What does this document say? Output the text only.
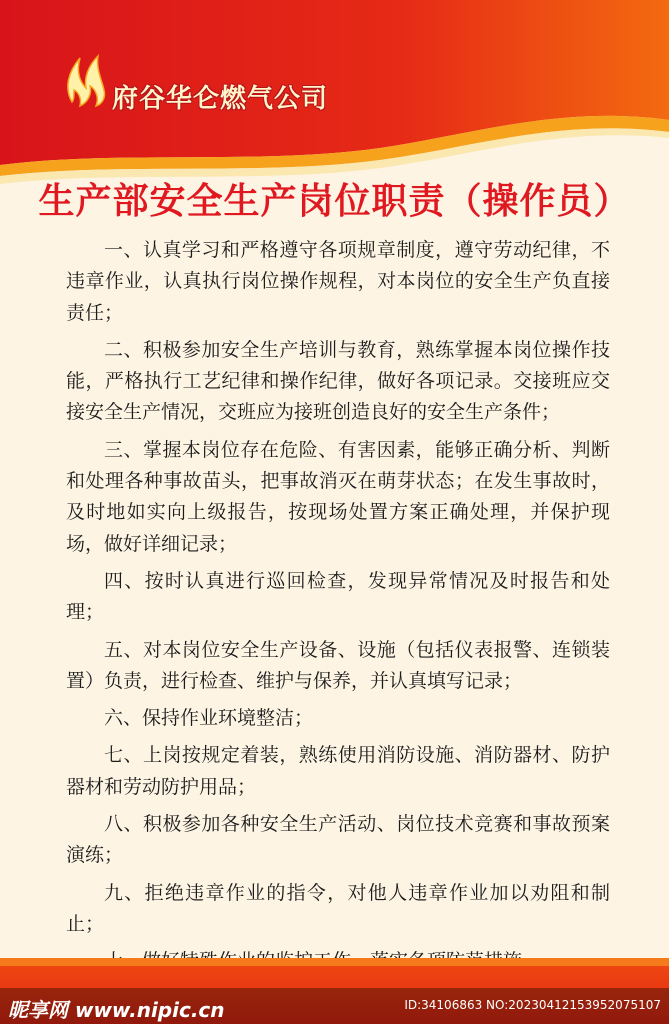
府谷华仑燃气公司
生产部安全生产岗位职责（操作员）

一、认真学习和严格遵守各项规章制度，遵守劳动纪律，不违章作业，认真执行岗位操作规程，对本岗位的安全生产负直接责任；

二、积极参加安全生产培训与教育，熟练掌握本岗位操作技能，严格执行工艺纪律和操作纪律，做好各项记录。交接班应交接安全生产情况，交班应为接班创造良好的安全生产条件；

三、掌握本岗位存在危险、有害因素，能够正确分析、判断和处理各种事故苗头，把事故消灭在萌芽状态；在发生事故时，及时地如实向上级报告，按现场处置方案正确处理，并保护现场，做好详细记录；

四、按时认真进行巡回检查，发现异常情况及时报告和处理；

五、对本岗位安全生产设备、设施（包括仪表报警、连锁装置）负责，进行检查、维护与保养，并认真填写记录；

六、保持作业环境整洁；

七、上岗按规定着装，熟练使用消防设施、消防器材、防护器材和劳动防护用品；

八、积极参加各种安全生产活动、岗位技术竞赛和事故预案演练；

九、拒绝违章作业的指令，对他人违章作业加以劝阻和制止；

昵享网 www.nipic.cn	ID:34106863 NO:20230412153952075107
